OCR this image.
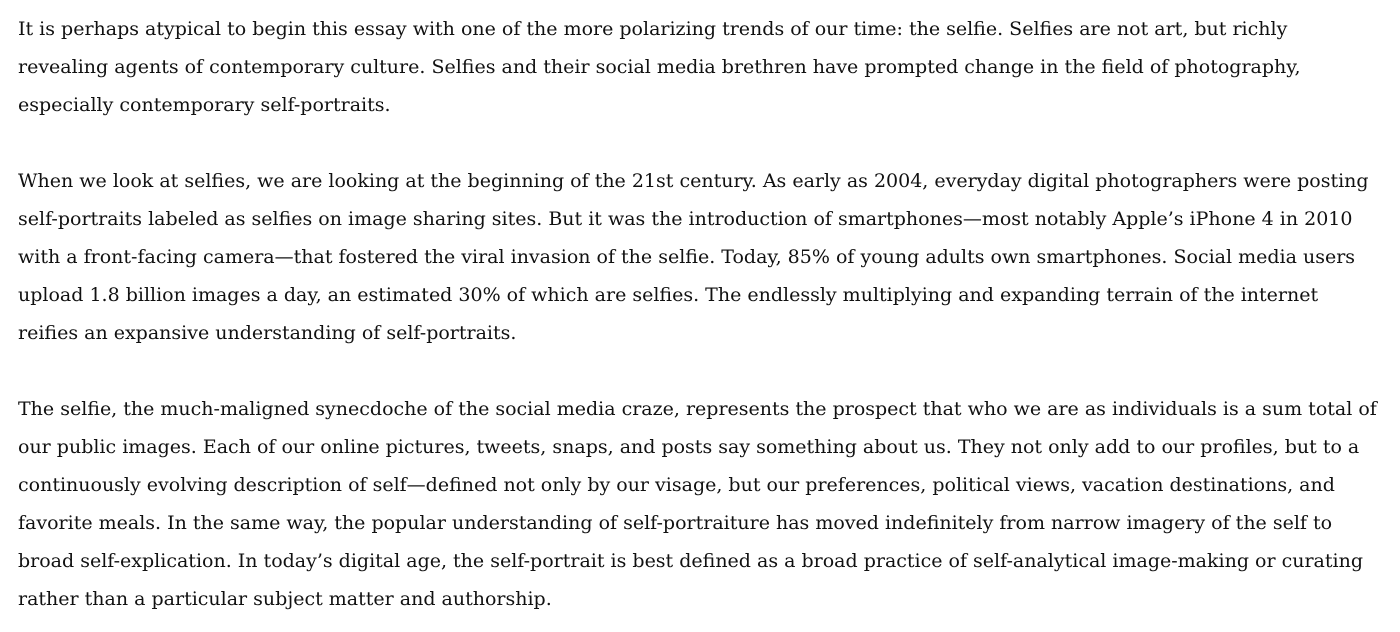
It is perhaps atypical to begin this essay with one of the more polarizing trends of our time: the selfie. Selfies are not art, but richly revealing agents of contemporary culture. Selfies and their social media brethren have prompted change in the field of photography, especially contemporary self-portraits.

When we look at selfies, we are looking at the beginning of the 21st century. As early as 2004, everyday digital photographers were posting self-portraits labeled as selfies on image sharing sites. But it was the introduction of smartphones—most notably Apple’s iPhone 4 in 2010 with a front-facing camera—that fostered the viral invasion of the selfie. Today, 85% of young adults own smartphones. Social media users upload 1.8 billion images a day, an estimated 30% of which are selfies. The endlessly multiplying and expanding terrain of the internet reifies an expansive understanding of self-portraits.

The selfie, the much-maligned synecdoche of the social media craze, represents the prospect that who we are as individuals is a sum total of our public images. Each of our online pictures, tweets, snaps, and posts say something about us. They not only add to our profiles, but to a continuously evolving description of self—defined not only by our visage, but our preferences, political views, vacation destinations, and favorite meals. In the same way, the popular understanding of self-portraiture has moved indefinitely from narrow imagery of the self to broad self-explication. In today’s digital age, the self-portrait is best defined as a broad practice of self-analytical image-making or curating rather than a particular subject matter and authorship.
